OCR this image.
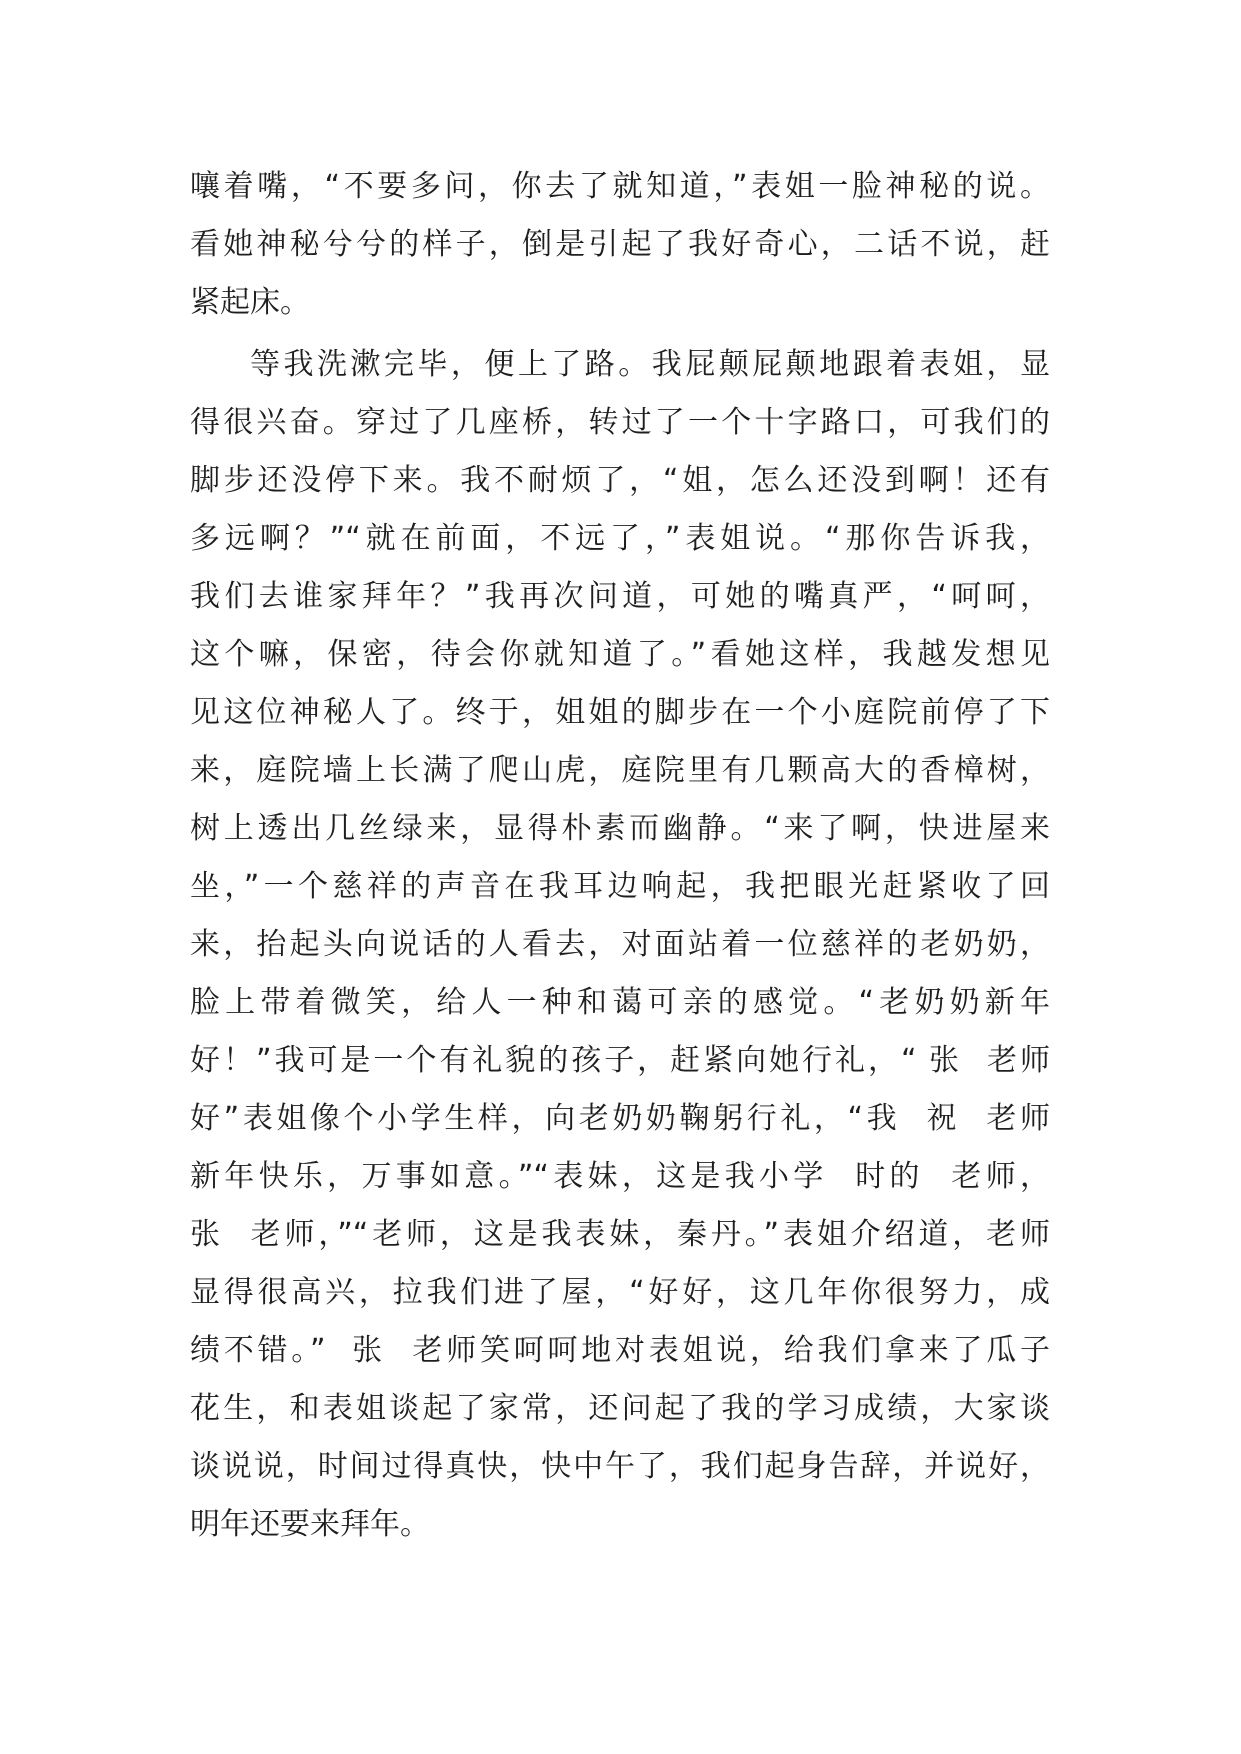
嚷着嘴，“不要多问，你去了就知道，”表姐一脸神秘的说。
看她神秘兮兮的样子，倒是引起了我好奇心，二话不说，赶
紧起床。
等我洗漱完毕，便上了路。我屁颠屁颠地跟着表姐，显
得很兴奋。穿过了几座桥，转过了一个十字路口，可我们的
脚步还没停下来。我不耐烦了，“姐，怎么还没到啊！还有
多远啊？”“就在前面，不远了，”表姐说。“那你告诉我，
我们去谁家拜年？”我再次问道，可她的嘴真严，“呵呵，
这个嘛，保密，待会你就知道了。”看她这样，我越发想见
见这位神秘人了。终于，姐姐的脚步在一个小庭院前停了下
来，庭院墙上长满了爬山虎，庭院里有几颗高大的香樟树，
树上透出几丝绿来，显得朴素而幽静。“来了啊，快进屋来
坐，”一个慈祥的声音在我耳边响起，我把眼光赶紧收了回
来，抬起头向说话的人看去，对面站着一位慈祥的老奶奶，
脸上带着微笑，给人一种和蔼可亲的感觉。“老奶奶新年
好！”我可是一个有礼貌的孩子，赶紧向她行礼，“ 张  老师
好”表姐像个小学生样，向老奶奶鞠躬行礼，“我  祝  老师
新年快乐，万事如意。”“表妹，这是我小学  时的  老师，
张  老师，”“老师，这是我表妹，秦丹。”表姐介绍道，老师
显得很高兴，拉我们进了屋，“好好，这几年你很努力，成
绩不错。”  张  老师笑呵呵地对表姐说，给我们拿来了瓜子
花生，和表姐谈起了家常，还问起了我的学习成绩，大家谈
谈说说，时间过得真快，快中午了，我们起身告辞，并说好，
明年还要来拜年。
